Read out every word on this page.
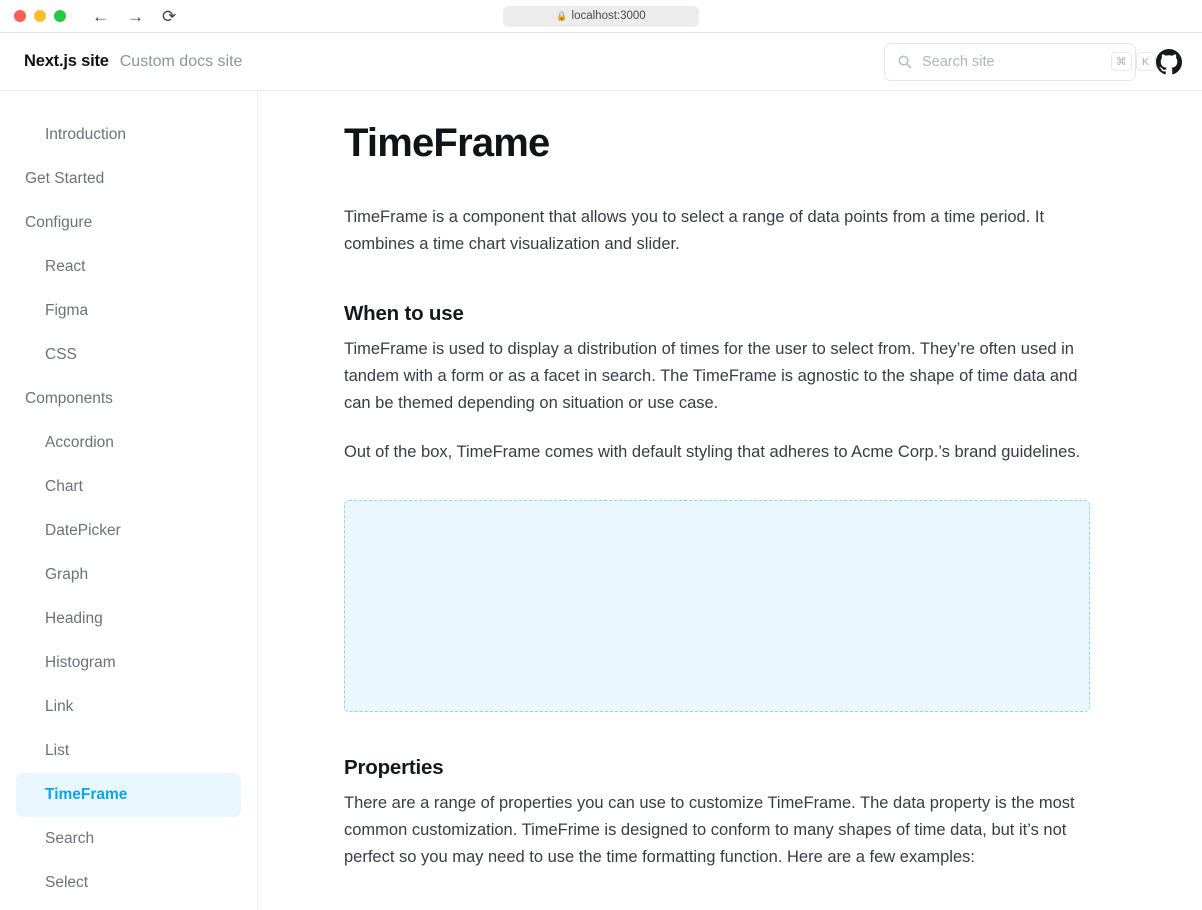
← → ⟳	🔒 localhost:3000
Next.js site Custom docs site
Search site	⌘	K
Introduction
Get Started
Configure
React
Figma
CSS
Components
Accordion
Chart
DatePicker
Graph
Heading
Histogram
Link
List
TimeFrame
Search
Select
TimeFrame

TimeFrame is a component that allows you to select a range of data points from a time period. It combines a time chart visualization and slider.

When to use

TimeFrame is used to display a distribution of times for the user to select from. They’re often used in tandem with a form or as a facet in search. The TimeFrame is agnostic to the shape of time data and can be themed depending on situation or use case.

Out of the box, TimeFrame comes with default styling that adheres to Acme Corp.’s brand guidelines.

Properties

There are a range of properties you can use to customize TimeFrame. The data property is the most common customization. TimeFrime is designed to conform to many shapes of time data, but it’s not perfect so you may need to use the time formatting function. Here are a few examples:
